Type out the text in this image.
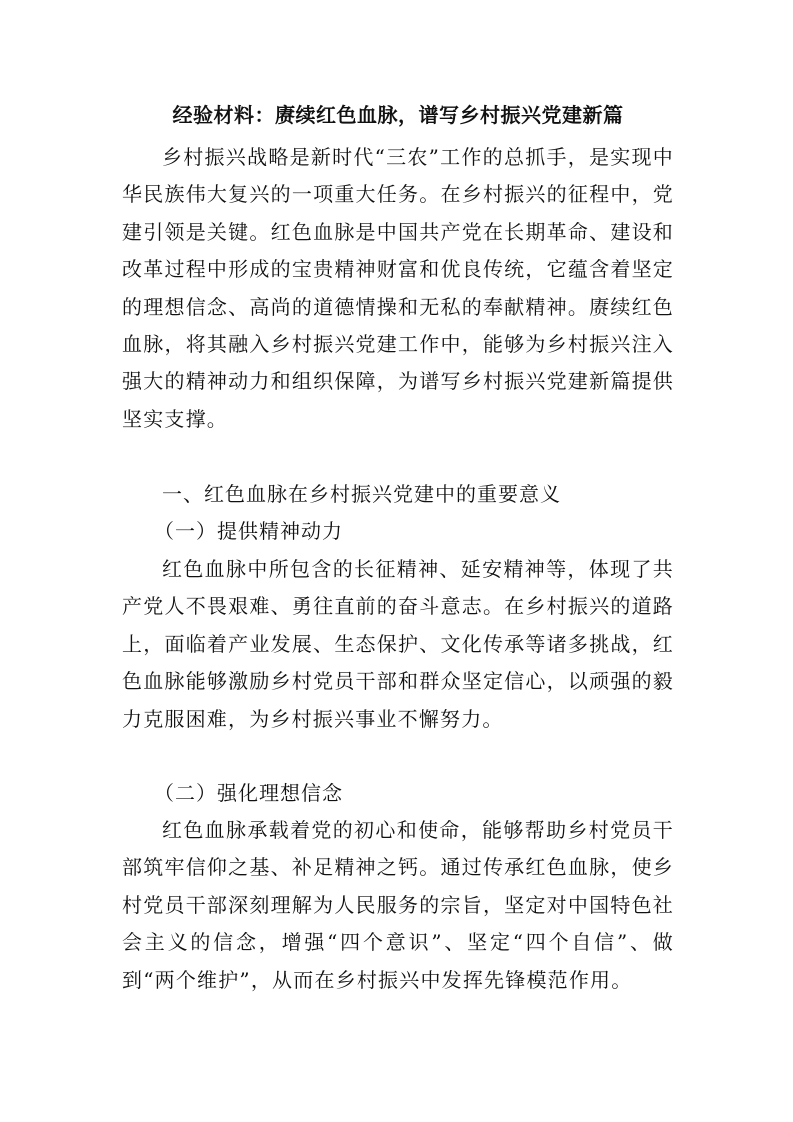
经验材料：赓续红色血脉，谱写乡村振兴党建新篇

乡村振兴战略是新时代“三农”工作的总抓手，是实现中华民族伟大复兴的一项重大任务。在乡村振兴的征程中，党建引领是关键。红色血脉是中国共产党在长期革命、建设和改革过程中形成的宝贵精神财富和优良传统，它蕴含着坚定的理想信念、高尚的道德情操和无私的奉献精神。赓续红色血脉，将其融入乡村振兴党建工作中，能够为乡村振兴注入强大的精神动力和组织保障，为谱写乡村振兴党建新篇提供坚实支撑。

一、红色血脉在乡村振兴党建中的重要意义

（一）提供精神动力

红色血脉中所包含的长征精神、延安精神等，体现了共产党人不畏艰难、勇往直前的奋斗意志。在乡村振兴的道路上，面临着产业发展、生态保护、文化传承等诸多挑战，红色血脉能够激励乡村党员干部和群众坚定信心，以顽强的毅力克服困难，为乡村振兴事业不懈努力。

（二）强化理想信念

红色血脉承载着党的初心和使命，能够帮助乡村党员干部筑牢信仰之基、补足精神之钙。通过传承红色血脉，使乡村党员干部深刻理解为人民服务的宗旨，坚定对中国特色社会主义的信念，增强“四个意识”、坚定“四个自信”、做到“两个维护”，从而在乡村振兴中发挥先锋模范作用。
